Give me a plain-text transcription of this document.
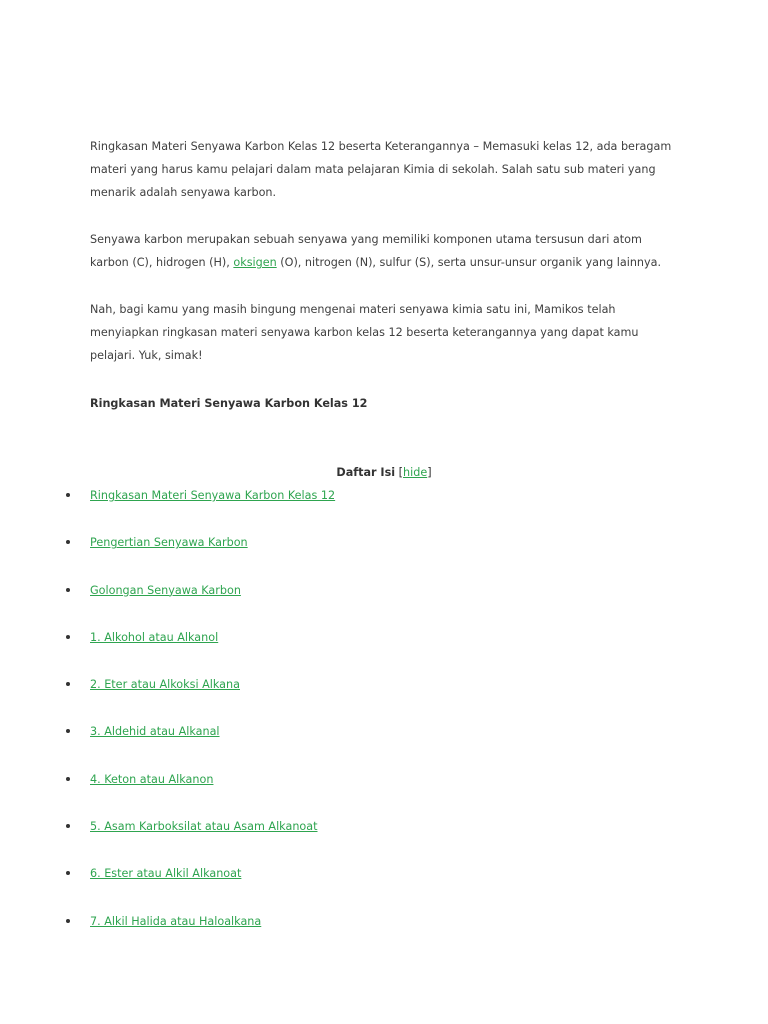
Ringkasan Materi Senyawa Karbon Kelas 12 beserta Keterangannya – Memasuki kelas 12, ada beragam materi yang harus kamu pelajari dalam mata pelajaran Kimia di sekolah. Salah satu sub materi yang menarik adalah senyawa karbon.

Senyawa karbon merupakan sebuah senyawa yang memiliki komponen utama tersusun dari atom karbon (C), hidrogen (H), oksigen (O), nitrogen (N), sulfur (S), serta unsur-unsur organik yang lainnya.

Nah, bagi kamu yang masih bingung mengenai materi senyawa kimia satu ini, Mamikos telah menyiapkan ringkasan materi senyawa karbon kelas 12 beserta keterangannya yang dapat kamu pelajari. Yuk, simak!

Ringkasan Materi Senyawa Karbon Kelas 12

Daftar Isi [hide]
Ringkasan Materi Senyawa Karbon Kelas 12
Pengertian Senyawa Karbon
Golongan Senyawa Karbon
1. Alkohol atau Alkanol
2. Eter atau Alkoksi Alkana
3. Aldehid atau Alkanal
4. Keton atau Alkanon
5. Asam Karboksilat atau Asam Alkanoat
6. Ester atau Alkil Alkanoat
7. Alkil Halida atau Haloalkana
